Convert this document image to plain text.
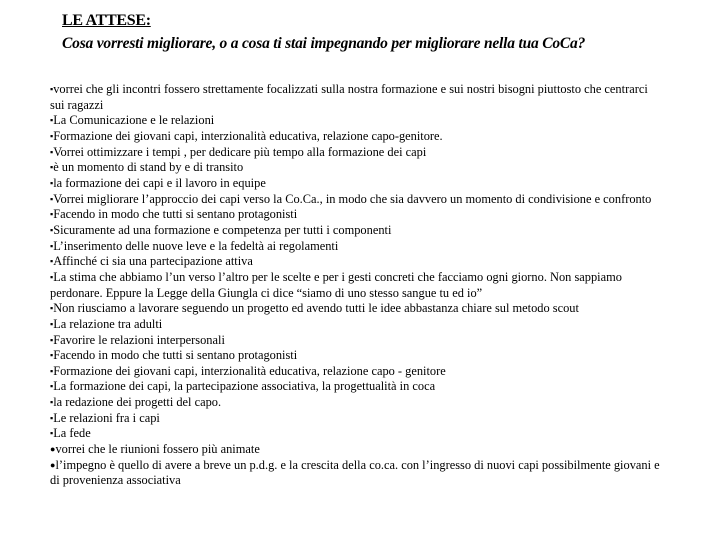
LE ATTESE:
Cosa vorresti migliorare, o a cosa ti stai impegnando per migliorare nella tua CoCa?
▪vorrei che gli incontri fossero strettamente focalizzati sulla nostra formazione e sui nostri bisogni piuttosto che centrarci sui ragazzi
▪La Comunicazione e le relazioni
▪Formazione dei giovani capi, interzionalità educativa, relazione capo-genitore.
▪Vorrei ottimizzare i tempi , per dedicare più tempo alla formazione dei capi
▪è un momento di stand by e di transito
▪la formazione dei capi e il lavoro in equipe
▪Vorrei migliorare l’approccio dei capi verso la Co.Ca., in modo che sia davvero un momento di condivisione e confronto
▪Facendo in modo che tutti si sentano protagonisti
▪Sicuramente ad una formazione e competenza per tutti i componenti
▪L’inserimento delle nuove leve e la fedeltà ai regolamenti
▪Affinché ci sia una partecipazione attiva
▪La stima che abbiamo l’un verso l’altro per le scelte e per i gesti concreti che facciamo ogni giorno. Non sappiamo perdonare. Eppure la Legge della Giungla ci dice “siamo di uno stesso sangue tu ed io”
▪Non riusciamo a lavorare seguendo un progetto ed avendo tutti le idee abbastanza chiare sul metodo scout
▪La relazione tra adulti
▪Favorire le relazioni interpersonali
▪Facendo in modo che tutti si sentano protagonisti
▪Formazione dei giovani capi, interzionalità educativa, relazione capo - genitore
▪La formazione dei capi, la partecipazione associativa, la progettualità in coca
▪la redazione dei progetti del capo.
▪Le relazioni fra i capi
▪La fede
●vorrei che le riunioni fossero più animate
●l’impegno è quello di avere a breve un p.d.g. e la crescita della co.ca. con l’ingresso di nuovi capi possibilmente giovani e di provenienza associativa
